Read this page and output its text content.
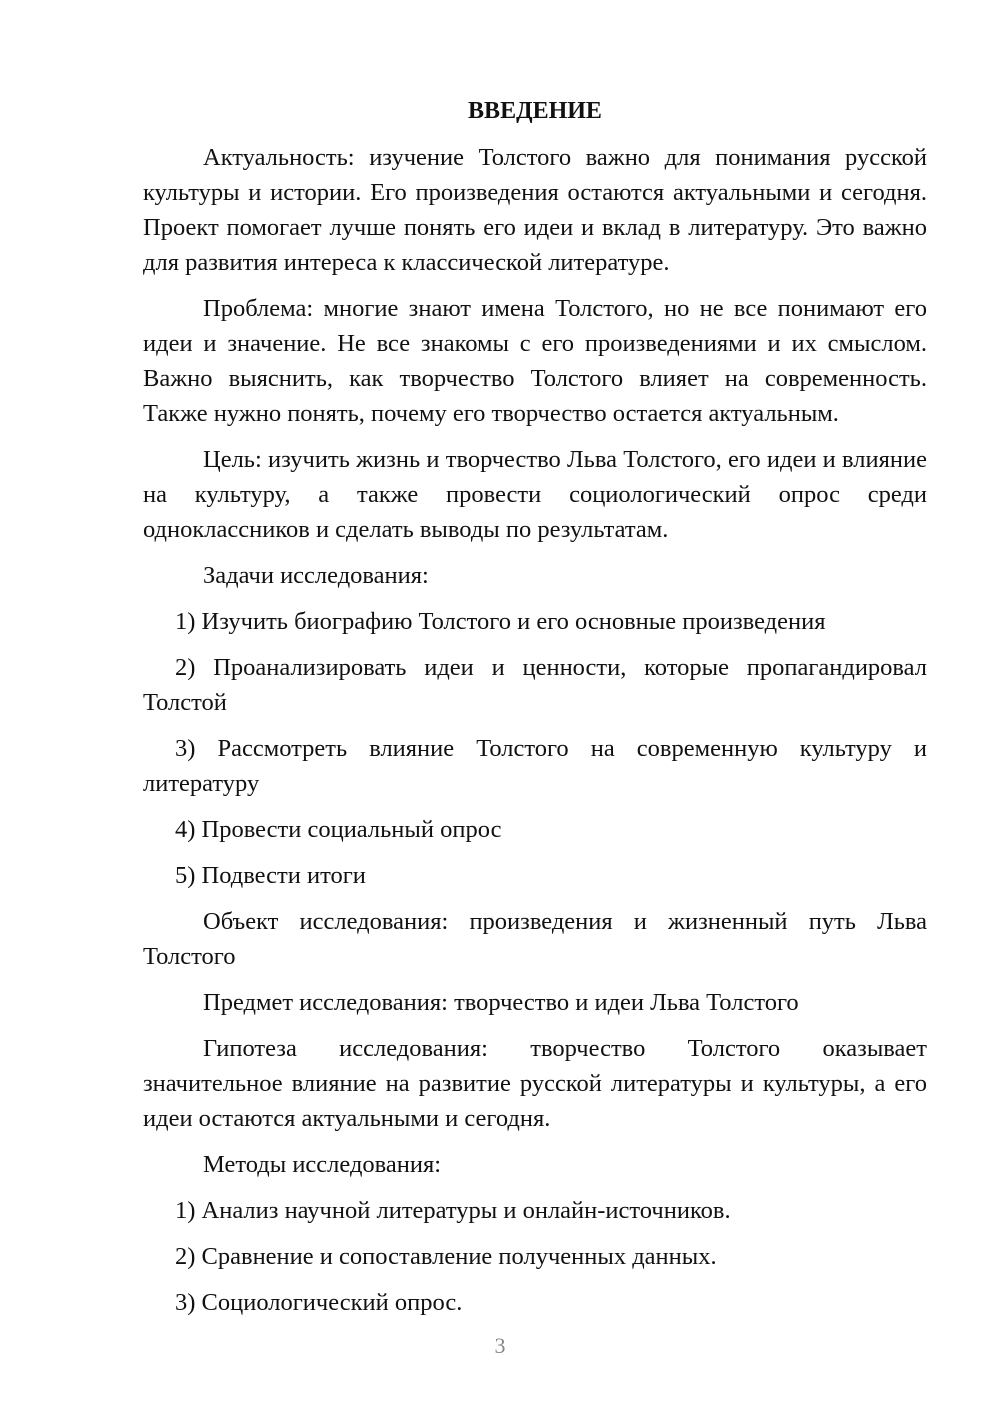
ВВЕДЕНИЕ

Актуальность: изучение Толстого важно для понимания русской культуры и истории. Его произведения остаются актуальными и сегодня. Проект помогает лучше понять его идеи и вклад в литературу. Это важно для развития интереса к классической литературе.

Проблема: многие знают имена Толстого, но не все понимают его идеи и значение. Не все знакомы с его произведениями и их смыслом. Важно выяснить, как творчество Толстого влияет на современность. Также нужно понять, почему его творчество остается актуальным.

Цель: изучить жизнь и творчество Льва Толстого, его идеи и влияние на культуру, а также провести социологический опрос среди одноклассников и сделать выводы по результатам.

Задачи исследования:

1) Изучить биографию Толстого и его основные произведения

2) Проанализировать идеи и ценности, которые пропагандировал Толстой

3) Рассмотреть влияние Толстого на современную культуру и литературу

4) Провести социальный опрос

5) Подвести итоги

Объект исследования: произведения и жизненный путь Льва Толстого

Предмет исследования: творчество и идеи Льва Толстого

Гипотеза исследования: творчество Толстого оказывает значительное влияние на развитие русской литературы и культуры, а его идеи остаются актуальными и сегодня.

Методы исследования:

1) Анализ научной литературы и онлайн-источников.

2) Сравнение и сопоставление полученных данных.

3) Социологический опрос.

3
